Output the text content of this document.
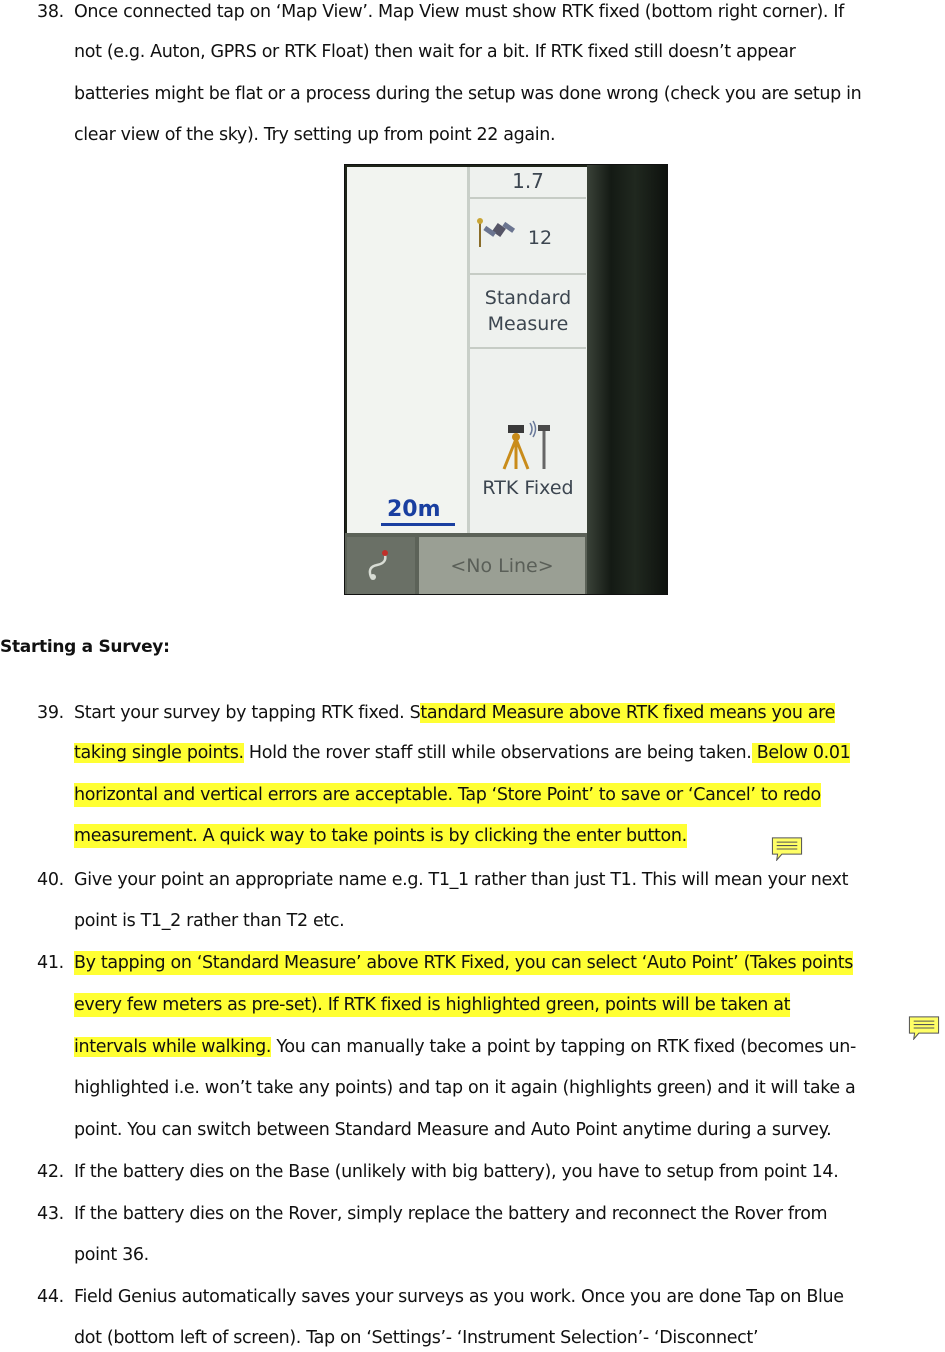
38. Once connected tap on ‘Map View’. Map View must show RTK fixed (bottom right corner). If
not (e.g. Auton, GPRS or RTK Float) then wait for a bit. If RTK fixed still doesn’t appear
batteries might be flat or a process during the setup was done wrong (check you are setup in
clear view of the sky). Try setting up from point 22 again.
1.7
12
Standard
Measure
RTK Fixed
20m
<No Line>
Starting a Survey:
39. Start your survey by tapping RTK fixed. Standard Measure above RTK fixed means you are
taking single points. Hold the rover staff still while observations are being taken. Below 0.01
horizontal and vertical errors are acceptable. Tap ‘Store Point’ to save or ‘Cancel’ to redo
measurement. A quick way to take points is by clicking the enter button.
40. Give your point an appropriate name e.g. T1_1 rather than just T1. This will mean your next
point is T1_2 rather than T2 etc.
41. By tapping on ‘Standard Measure’ above RTK Fixed, you can select ‘Auto Point’ (Takes points
every few meters as pre-set). If RTK fixed is highlighted green, points will be taken at
intervals while walking. You can manually take a point by tapping on RTK fixed (becomes un-
highlighted i.e. won’t take any points) and tap on it again (highlights green) and it will take a
point. You can switch between Standard Measure and Auto Point anytime during a survey.
42. If the battery dies on the Base (unlikely with big battery), you have to setup from point 14.
43. If the battery dies on the Rover, simply replace the battery and reconnect the Rover from
point 36.
44. Field Genius automatically saves your surveys as you work. Once you are done Tap on Blue
dot (bottom left of screen). Tap on ‘Settings’- ‘Instrument Selection’- ‘Disconnect’
